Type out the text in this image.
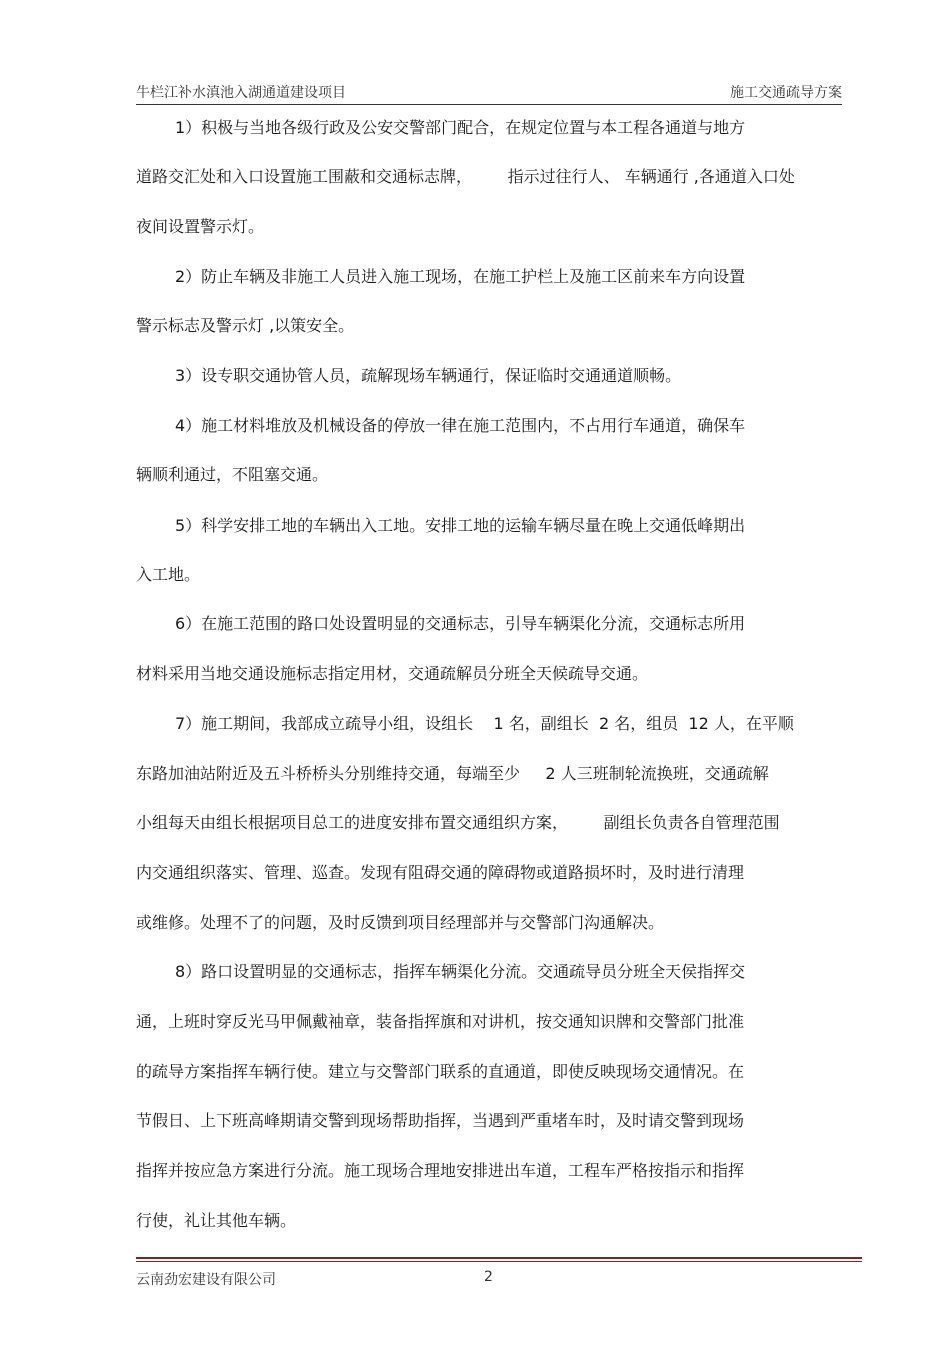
牛栏江补水滇池入湖通道建设项目	施工交通疏导方案
1）积极与当地各级行政及公安交警部门配合，在规定位置与本工程各通道与地方
道路交汇处和入口设置施工围蔽和交通标志牌，       指示过往行人、 车辆通行 ,各通道入口处
夜间设置警示灯。
2）防止车辆及非施工人员进入施工现场，在施工护栏上及施工区前来车方向设置
警示标志及警示灯 ,以策安全。
3）设专职交通协管人员，疏解现场车辆通行，保证临时交通通道顺畅。
4）施工材料堆放及机械设备的停放一律在施工范围内，不占用行车通道，确保车
辆顺利通过，不阻塞交通。
5）科学安排工地的车辆出入工地。安排工地的运输车辆尽量在晚上交通低峰期出
入工地。
6）在施工范围的路口处设置明显的交通标志，引导车辆渠化分流，交通标志所用
材料采用当地交通设施标志指定用材，交通疏解员分班全天候疏导交通。
7）施工期间，我部成立疏导小组，设组长    1 名，副组长  2 名，组员  12 人，在平顺
东路加油站附近及五斗桥桥头分别维持交通，每端至少     2 人三班制轮流换班，交通疏解
小组每天由组长根据项目总工的进度安排布置交通组织方案，       副组长负责各自管理范围
内交通组织落实、管理、巡查。发现有阻碍交通的障碍物或道路损坏时，及时进行清理
或维修。处理不了的问题，及时反馈到项目经理部并与交警部门沟通解决。
8）路口设置明显的交通标志，指挥车辆渠化分流。交通疏导员分班全天侯指挥交
通，上班时穿反光马甲佩戴袖章，装备指挥旗和对讲机，按交通知识牌和交警部门批准
的疏导方案指挥车辆行使。建立与交警部门联系的直通道，即使反映现场交通情况。在
节假日、上下班高峰期请交警到现场帮助指挥，当遇到严重堵车时，及时请交警到现场
指挥并按应急方案进行分流。施工现场合理地安排进出车道，工程车严格按指示和指挥
行使，礼让其他车辆。
云南劲宏建设有限公司	2
